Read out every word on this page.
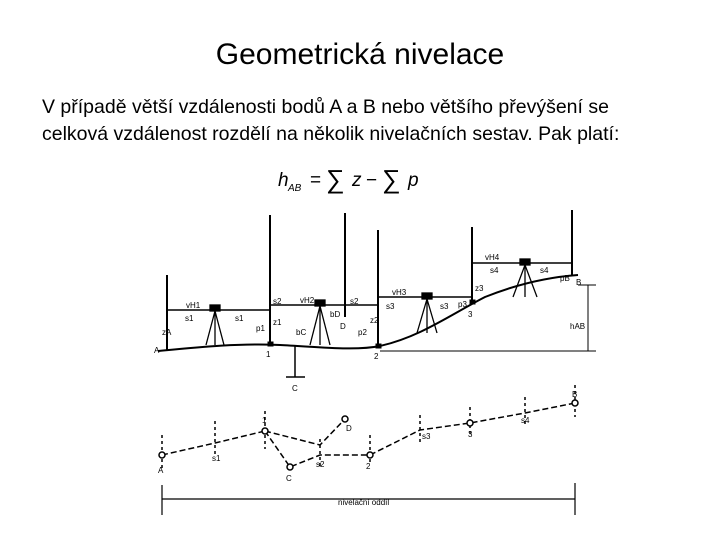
Geometrická nivelace
V případě větší vzdálenosti bodů A a B nebo většího převýšení se
celková vzdálenost rozdělí na několik nivelačních sestav. Pak platí:
h AB = ∑ z − ∑ p
vH1
vH2
vH3
vH4
s1	s1
s2	s2
s3	s3
s4	s4
zA
z1	z2
z3
p1	p2
p3
pB
bC
bD
A	1	2
3
B
C
D	hAB
A
s1
1
C
D
s2	2
s3	3
s4
B
nivelační oddíl
